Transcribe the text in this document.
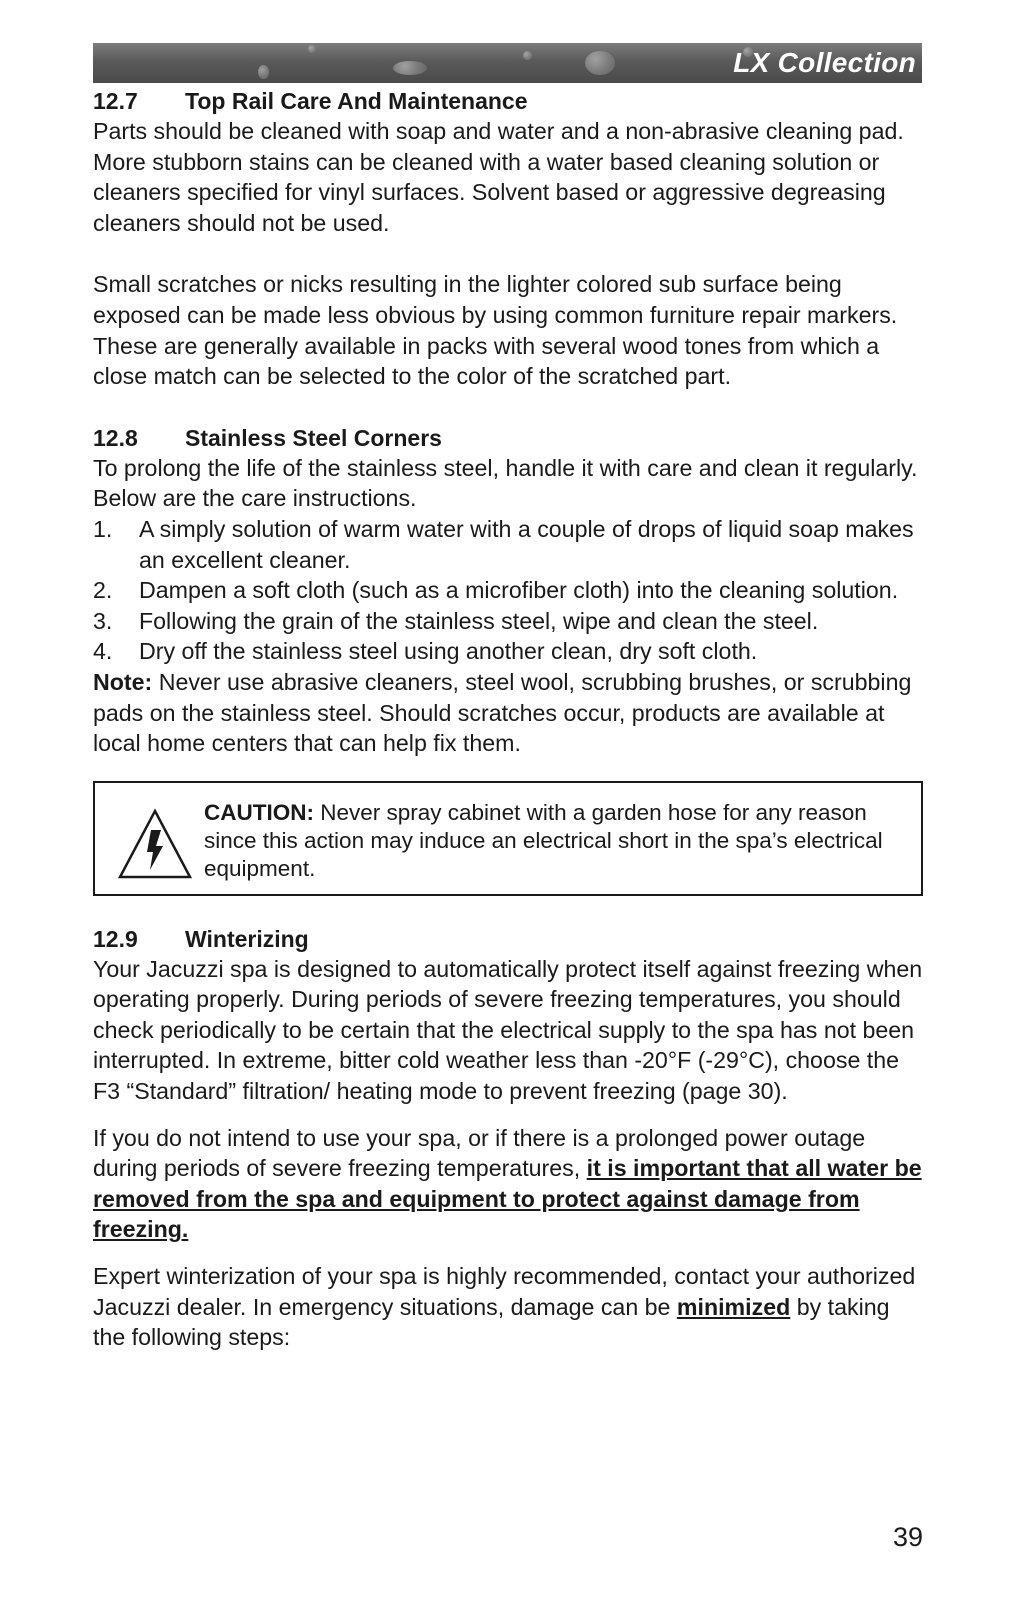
LX Collection
12.7	Top Rail Care And Maintenance

Parts should be cleaned with soap and water and a non-abrasive cleaning pad. More stubborn stains can be cleaned with a water based cleaning solution or cleaners specified for vinyl surfaces. Solvent based or aggressive degreasing cleaners should not be used.

Small scratches or nicks resulting in the lighter colored sub surface being exposed can be made less obvious by using common furniture repair markers. These are generally available in packs with several wood tones from which a close match can be selected to the color of the scratched part.

12.8	Stainless Steel Corners

To prolong the life of the stainless steel, handle it with care and clean it regularly. Below are the care instructions.

1.	A simply solution of warm water with a couple of drops of liquid soap makes an excellent cleaner.
2.	Dampen a soft cloth (such as a microfiber cloth) into the cleaning solution.
3.	Following the grain of the stainless steel, wipe and clean the steel.
4.	Dry off the stainless steel using another clean, dry soft cloth.

Note: Never use abrasive cleaners, steel wool, scrubbing brushes, or scrubbing pads on the stainless steel. Should scratches occur, products are available at local home centers that can help fix them.

CAUTION: Never spray cabinet with a garden hose for any reason since this action may induce an electrical short in the spa’s electrical equipment.
12.9	Winterizing

Your Jacuzzi spa is designed to automatically protect itself against freezing when operating properly. During periods of severe freezing temperatures, you should check periodically to be certain that the electrical supply to the spa has not been interrupted. In extreme, bitter cold weather less than -20°F (-29°C), choose the F3 “Standard” filtration/ heating mode to prevent freezing (page 30).

If you do not intend to use your spa, or if there is a prolonged power outage during periods of severe freezing temperatures, it is important that all water be removed from the spa and equipment to protect against damage from freezing.

Expert winterization of your spa is highly recommended, contact your authorized Jacuzzi dealer. In emergency situations, damage can be minimized by taking the following steps:

39
